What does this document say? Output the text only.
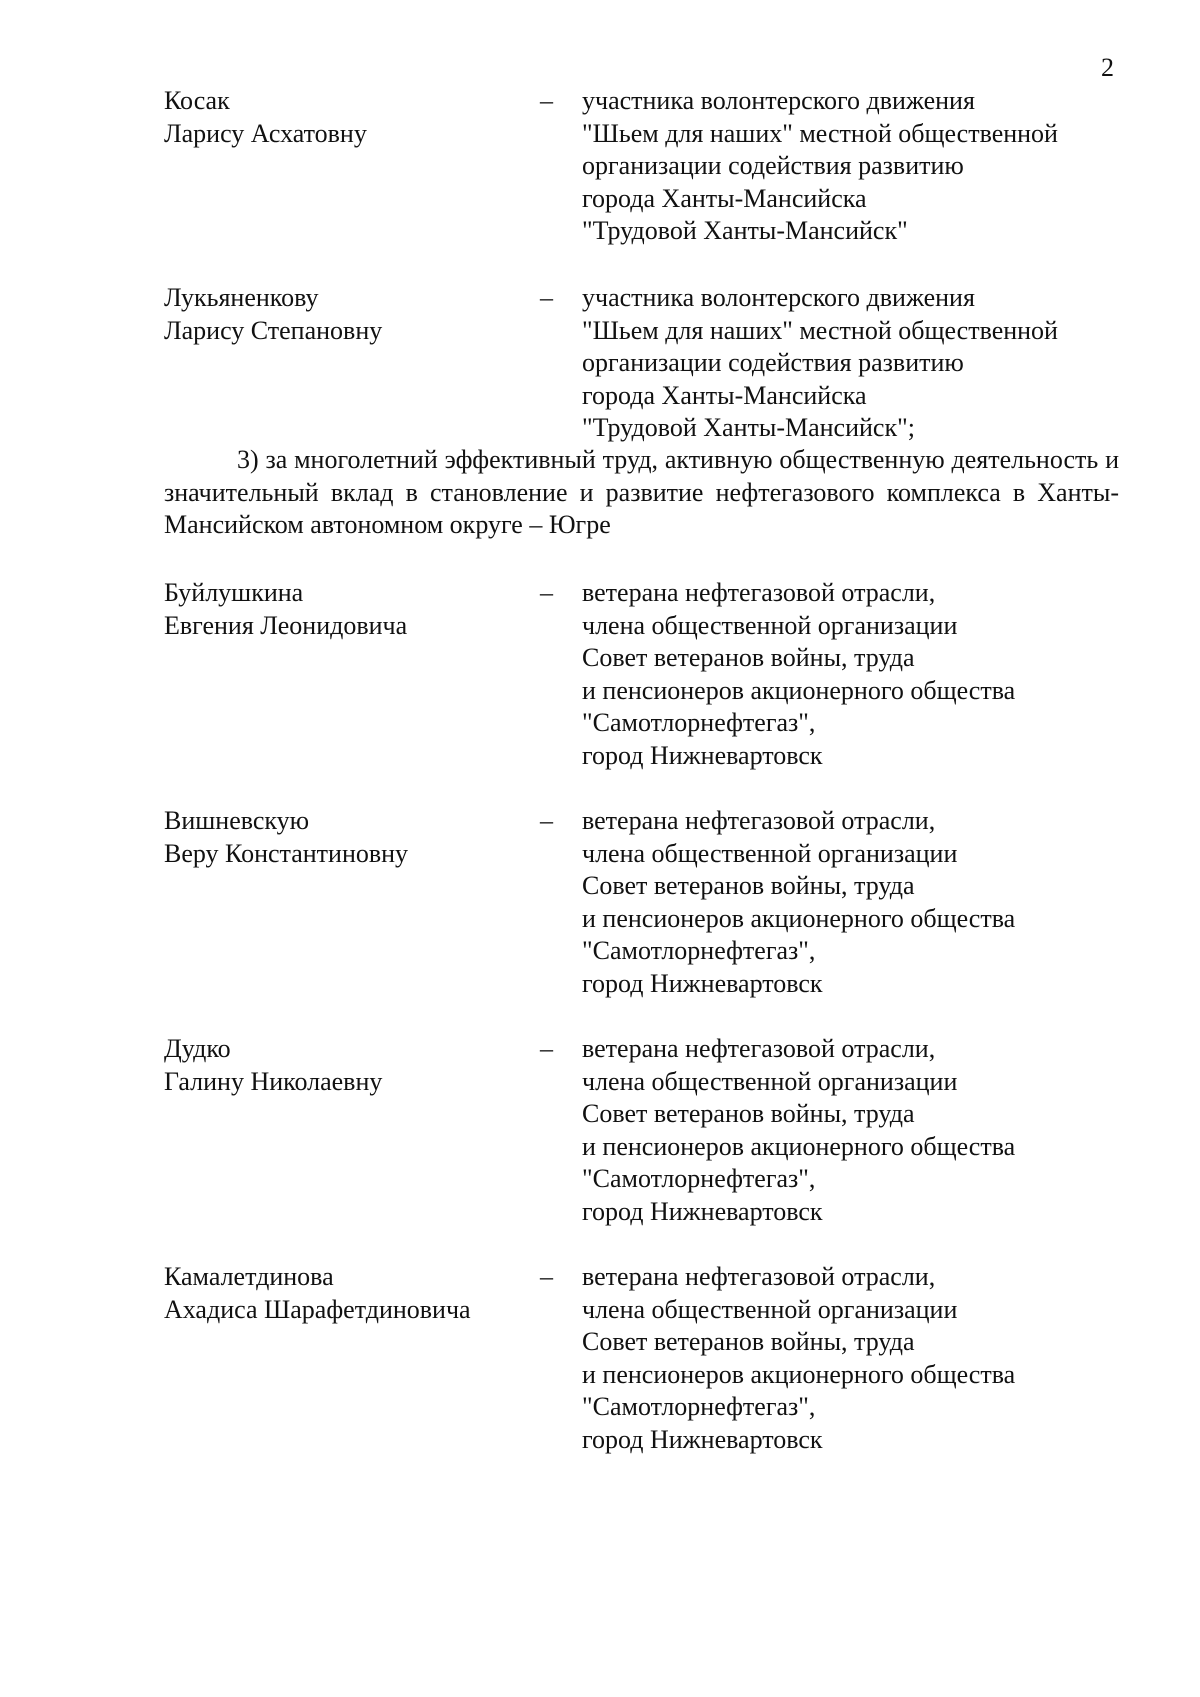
2
Косак
Ларису Асхатовну
– участника волонтерского движения
"Шьем для наших" местной общественной
организации содействия развитию
города Ханты-Мансийска
"Трудовой Ханты-Мансийск"
Лукьяненкову
Ларису Степановну
– участника волонтерского движения
"Шьем для наших" местной общественной
организации содействия развитию
города Ханты-Мансийска
"Трудовой Ханты-Мансийск";
3) за многолетний эффективный труд, активную общественную деятельность и значительный вклад в становление и развитие нефтегазового комплекса в Ханты-Мансийском автономном округе – Югре
Буйлушкина
Евгения Леонидовича
– ветерана нефтегазовой отрасли,
члена общественной организации
Совет ветеранов войны, труда
и пенсионеров акционерного общества
"Самотлорнефтегаз",
город Нижневартовск
Вишневскую
Веру Константиновну
– ветерана нефтегазовой отрасли,
члена общественной организации
Совет ветеранов войны, труда
и пенсионеров акционерного общества
"Самотлорнефтегаз",
город Нижневартовск
Дудко
Галину Николаевну
– ветерана нефтегазовой отрасли,
члена общественной организации
Совет ветеранов войны, труда
и пенсионеров акционерного общества
"Самотлорнефтегаз",
город Нижневартовск
Камалетдинова
Ахадиса Шарафетдиновича
– ветерана нефтегазовой отрасли,
члена общественной организации
Совет ветеранов войны, труда
и пенсионеров акционерного общества
"Самотлорнефтегаз",
город Нижневартовск
